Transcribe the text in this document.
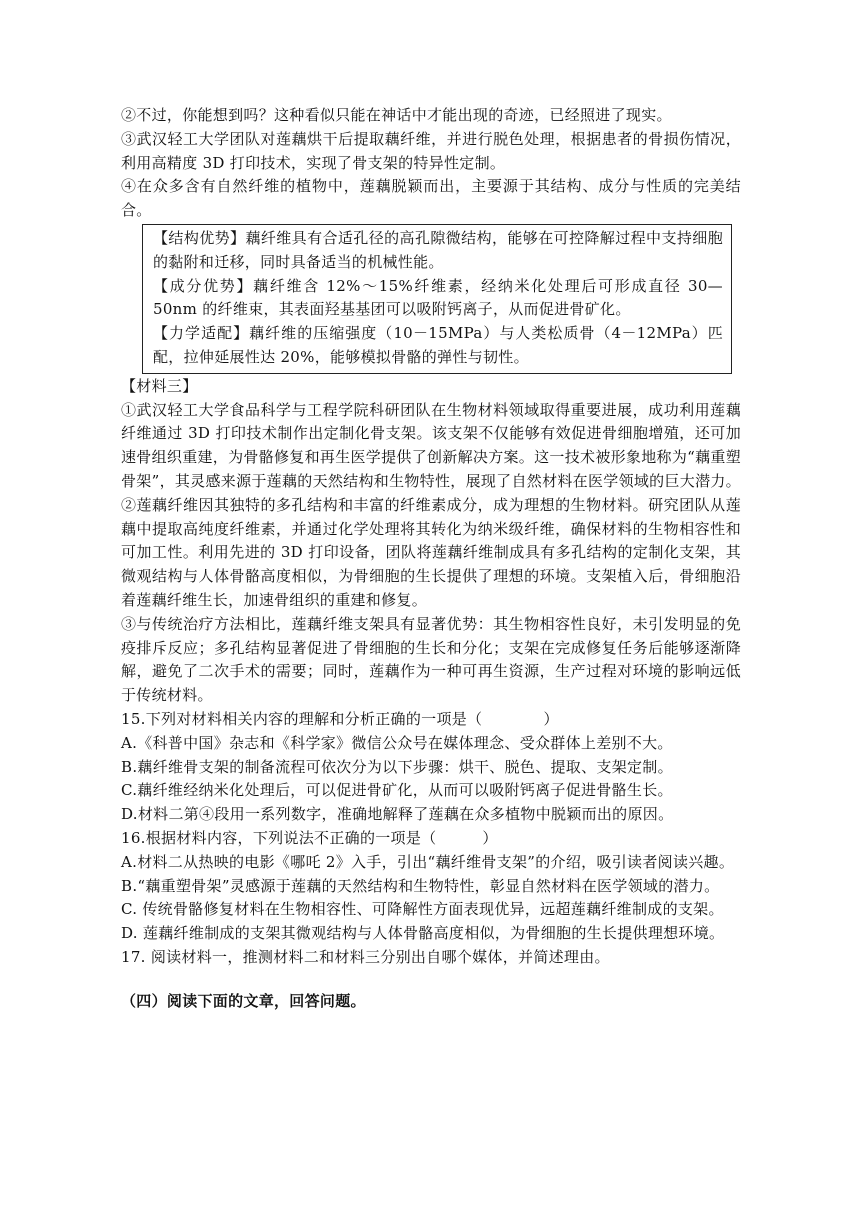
②不过，你能想到吗？这种看似只能在神话中才能出现的奇迹，已经照进了现实。

③武汉轻工大学团队对莲藕烘干后提取藕纤维，并进行脱色处理，根据患者的骨损伤情况，利用高精度 3D 打印技术，实现了骨支架的特异性定制。

④在众多含有自然纤维的植物中，莲藕脱颖而出，主要源于其结构、成分与性质的完美结合。

【结构优势】藕纤维具有合适孔径的高孔隙微结构，能够在可控降解过程中支持细胞的黏附和迁移，同时具备适当的机械性能。

【成分优势】藕纤维含 12%～15%纤维素，经纳米化处理后可形成直径 30—50nm 的纤维束，其表面羟基基团可以吸附钙离子，从而促进骨矿化。

【力学适配】藕纤维的压缩强度（10－15MPa）与人类松质骨（4－12MPa）匹配，拉伸延展性达 20%，能够模拟骨骼的弹性与韧性。

【材料三】

①武汉轻工大学食品科学与工程学院科研团队在生物材料领域取得重要进展，成功利用莲藕纤维通过 3D 打印技术制作出定制化骨支架。该支架不仅能够有效促进骨细胞增殖，还可加速骨组织重建，为骨骼修复和再生医学提供了创新解决方案。这一技术被形象地称为“藕重塑骨架”，其灵感来源于莲藕的天然结构和生物特性，展现了自然材料在医学领域的巨大潜力。

②莲藕纤维因其独特的多孔结构和丰富的纤维素成分，成为理想的生物材料。研究团队从莲藕中提取高纯度纤维素，并通过化学处理将其转化为纳米级纤维，确保材料的生物相容性和可加工性。利用先进的 3D 打印设备，团队将莲藕纤维制成具有多孔结构的定制化支架，其微观结构与人体骨骼高度相似，为骨细胞的生长提供了理想的环境。支架植入后，骨细胞沿着莲藕纤维生长，加速骨组织的重建和修复。

③与传统治疗方法相比，莲藕纤维支架具有显著优势：其生物相容性良好，未引发明显的免疫排斥反应；多孔结构显著促进了骨细胞的生长和分化；支架在完成修复任务后能够逐渐降解，避免了二次手术的需要；同时，莲藕作为一种可再生资源，生产过程对环境的影响远低于传统材料。

15.下列对材料相关内容的理解和分析正确的一项是（　　　　）

A.《科普中国》杂志和《科学家》微信公众号在媒体理念、受众群体上差别不大。

B.藕纤维骨支架的制备流程可依次分为以下步骤：烘干、脱色、提取、支架定制。

C.藕纤维经纳米化处理后，可以促进骨矿化，从而可以吸附钙离子促进骨骼生长。

D.材料二第④段用一系列数字，准确地解释了莲藕在众多植物中脱颖而出的原因。

16.根据材料内容，下列说法不正确的一项是（　　　）

A.材料二从热映的电影《哪吒 2》入手，引出“藕纤维骨支架”的介绍，吸引读者阅读兴趣。

B.“藕重塑骨架”灵感源于莲藕的天然结构和生物特性，彰显自然材料在医学领域的潜力。

C. 传统骨骼修复材料在生物相容性、可降解性方面表现优异，远超莲藕纤维制成的支架。

D. 莲藕纤维制成的支架其微观结构与人体骨骼高度相似，为骨细胞的生长提供理想环境。

17. 阅读材料一，推测材料二和材料三分别出自哪个媒体，并简述理由。

（四）阅读下面的文章，回答问题。
